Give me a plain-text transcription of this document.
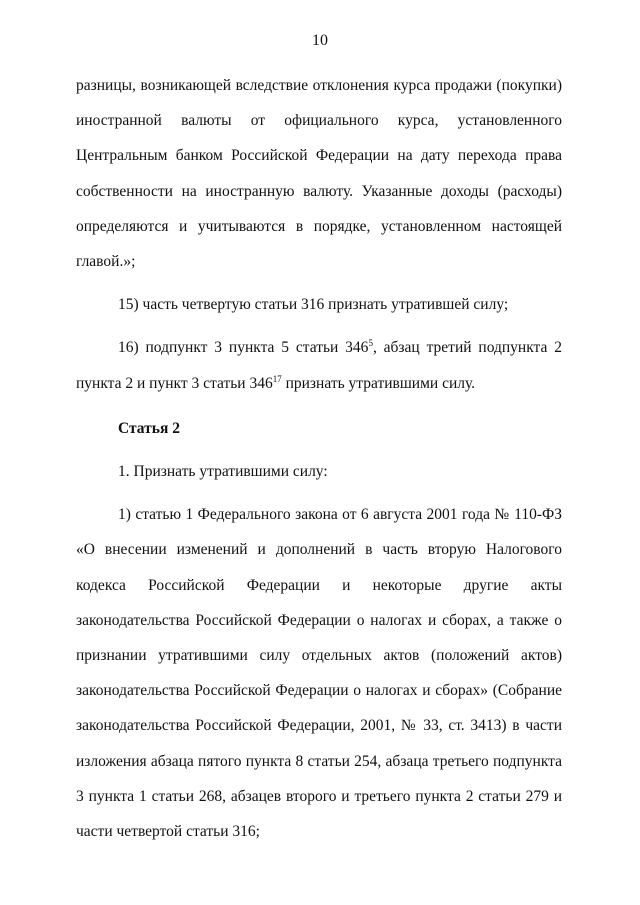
10

разницы, возникающей вследствие отклонения курса продажи (покупки) иностранной валюты от официального курса, установленного Центральным банком Российской Федерации на дату перехода права собственности на иностранную валюту. Указанные доходы (расходы) определяются и учитываются в порядке, установленном настоящей главой.»;

15) часть четвертую статьи 316 признать утратившей силу;

16) подпункт 3 пункта 5 статьи $346^5$, абзац третий подпункта 2 пункта 2 и пункт 3 статьи $346^{17}$ признать утратившими силу.

Статья 2

1. Признать утратившими силу:

1) статью 1 Федерального закона от 6 августа 2001 года № 110-ФЗ «О внесении изменений и дополнений в часть вторую Налогового кодекса Российской Федерации и некоторые другие акты законодательства Российской Федерации о налогах и сборах, а также о признании утратившими силу отдельных актов (положений актов) законодательства Российской Федерации о налогах и сборах» (Собрание законодательства Российской Федерации, 2001, № 33, ст. 3413) в части изложения абзаца пятого пункта 8 статьи 254, абзаца третьего подпункта 3 пункта 1 статьи 268, абзацев второго и третьего пункта 2 статьи 279 и части четвертой статьи 316;
